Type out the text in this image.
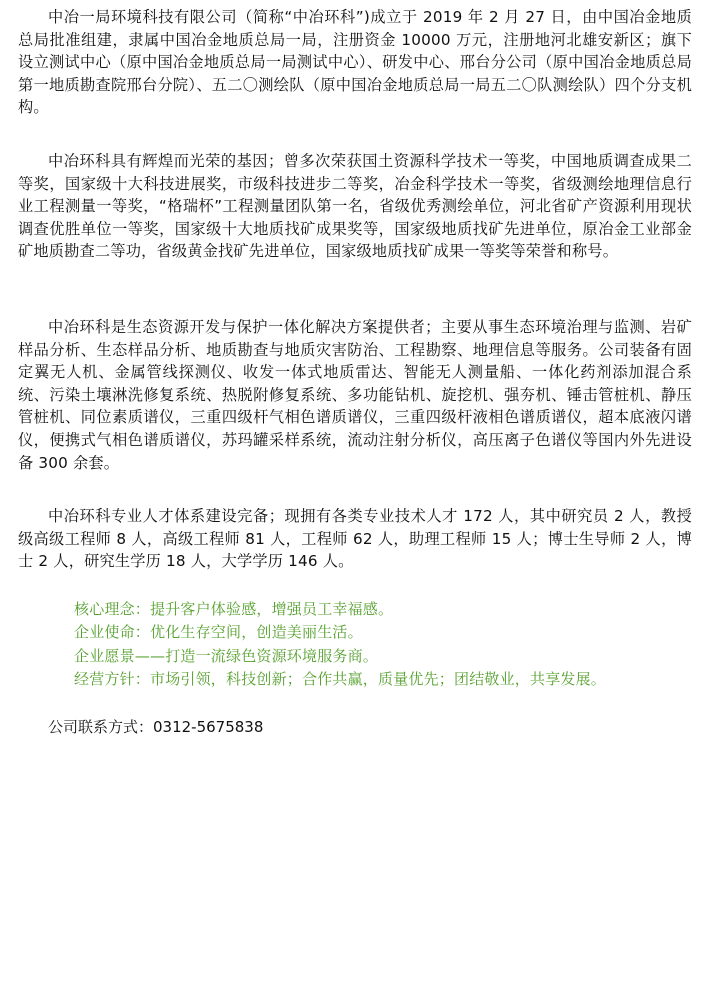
中冶一局环境科技有限公司（简称“中冶环科”)成立于 2019 年 2 月 27 日，由中国冶金地质总局批准组建，隶属中国冶金地质总局一局，注册资金 10000 万元，注册地河北雄安新区；旗下设立测试中心（原中国冶金地质总局一局测试中心）、研发中心、邢台分公司（原中国冶金地质总局第一地质勘查院邢台分院）、五二〇测绘队（原中国冶金地质总局一局五二〇队测绘队）四个分支机构。

中冶环科具有辉煌而光荣的基因；曾多次荣获国土资源科学技术一等奖，中国地质调查成果二等奖，国家级十大科技进展奖，市级科技进步二等奖，冶金科学技术一等奖，省级测绘地理信息行业工程测量一等奖，“格瑞杯”工程测量团队第一名，省级优秀测绘单位，河北省矿产资源利用现状调查优胜单位一等奖，国家级十大地质找矿成果奖等，国家级地质找矿先进单位，原冶金工业部金矿地质勘查二等功，省级黄金找矿先进单位，国家级地质找矿成果一等奖等荣誉和称号。

中冶环科是生态资源开发与保护一体化解决方案提供者；主要从事生态环境治理与监测、岩矿样品分析、生态样品分析、地质勘查与地质灾害防治、工程勘察、地理信息等服务。公司装备有固定翼无人机、金属管线探测仪、收发一体式地质雷达、智能无人测量船、一体化药剂添加混合系统、污染土壤淋洗修复系统、热脱附修复系统、多功能钻机、旋挖机、强夯机、锤击管桩机、静压管桩机、同位素质谱仪，三重四级杆气相色谱质谱仪，三重四级杆液相色谱质谱仪，超本底液闪谱仪，便携式气相色谱质谱仪，苏玛罐采样系统，流动注射分析仪，高压离子色谱仪等国内外先进设备 300 余套。

中冶环科专业人才体系建设完备；现拥有各类专业技术人才 172 人，其中研究员 2 人，教授级高级工程师 8 人，高级工程师 81 人，工程师 62 人，助理工程师 15 人；博士生导师 2 人，博士 2 人，研究生学历 18 人，大学学历 146 人。

核心理念：提升客户体验感，增强员工幸福感。
企业使命：优化生存空间，创造美丽生活。
企业愿景——打造一流绿色资源环境服务商。
经营方针：市场引领，科技创新；合作共赢，质量优先；团结敬业，共享发展。

公司联系方式：0312-5675838
